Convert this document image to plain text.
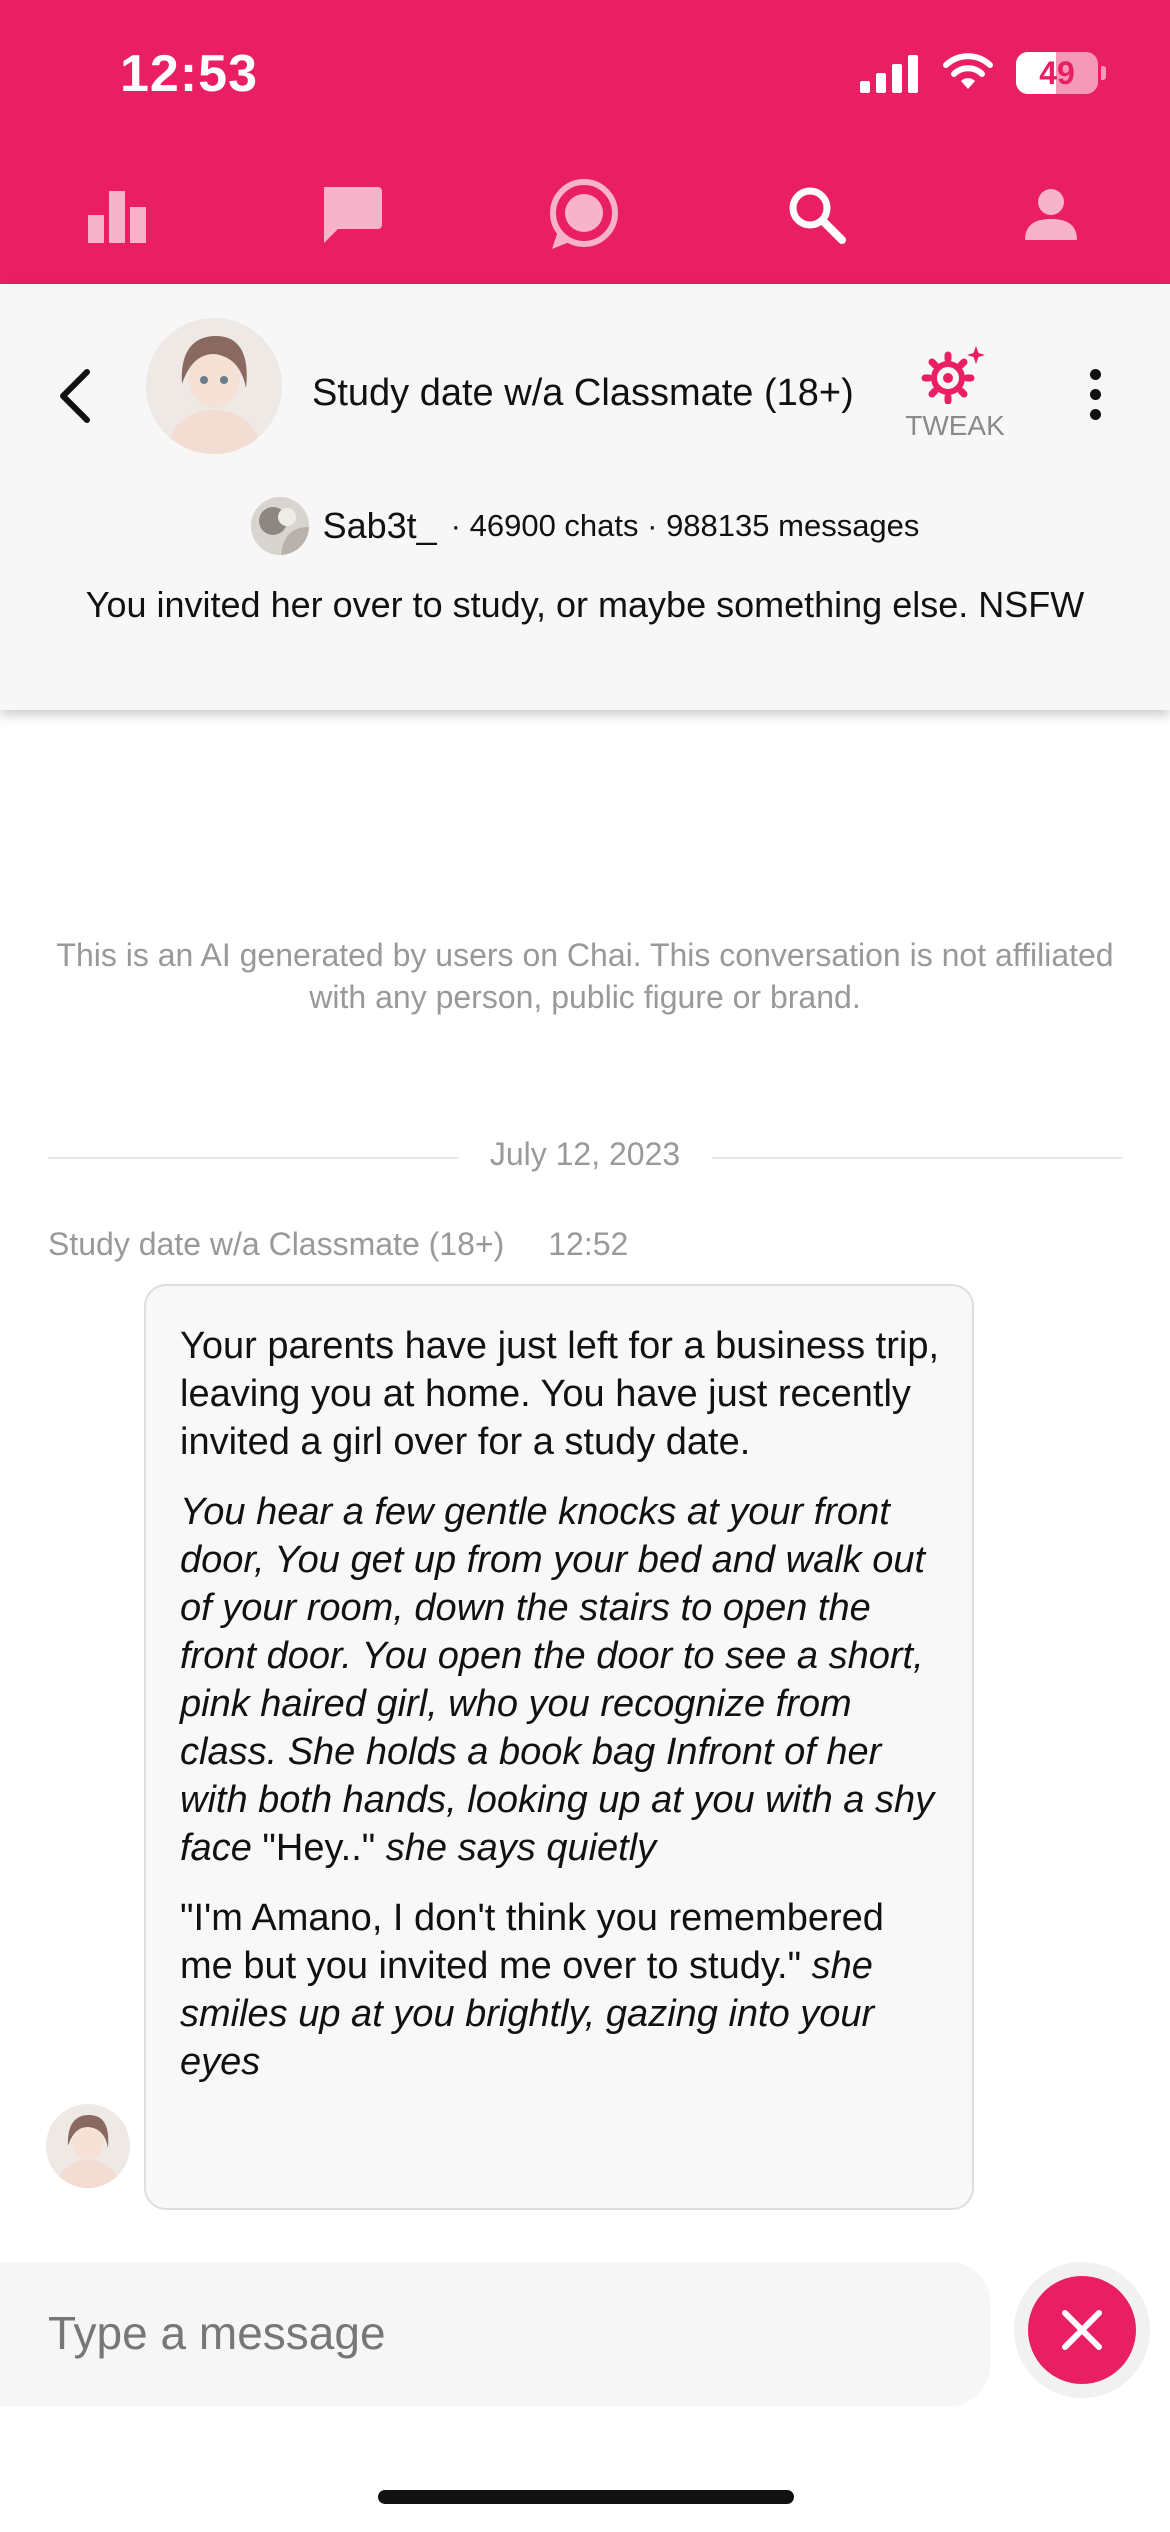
12:53	49
Study date w/a Classmate (18+)
TWEAK
Sab3t_ · 46900 chats · 988135 messages
You invited her over to study, or maybe something else. NSFW
This is an AI generated by users on Chai. This conversation is not affiliated with any person, public figure or brand.
July 12, 2023
Study date w/a Classmate (18+) 12:52

Your parents have just left for a business trip, leaving you at home. You have just recently invited a girl over for a study date.

You hear a few gentle knocks at your front door, You get up from your bed and walk out of your room, down the stairs to open the front door. You open the door to see a short, pink haired girl, who you recognize from class. She holds a book bag Infront of her with both hands, looking up at you with a shy face "Hey.." she says quietly

"I'm Amano, I don't think you remembered me but you invited me over to study." she smiles up at you brightly, gazing into your eyes

Type a message
